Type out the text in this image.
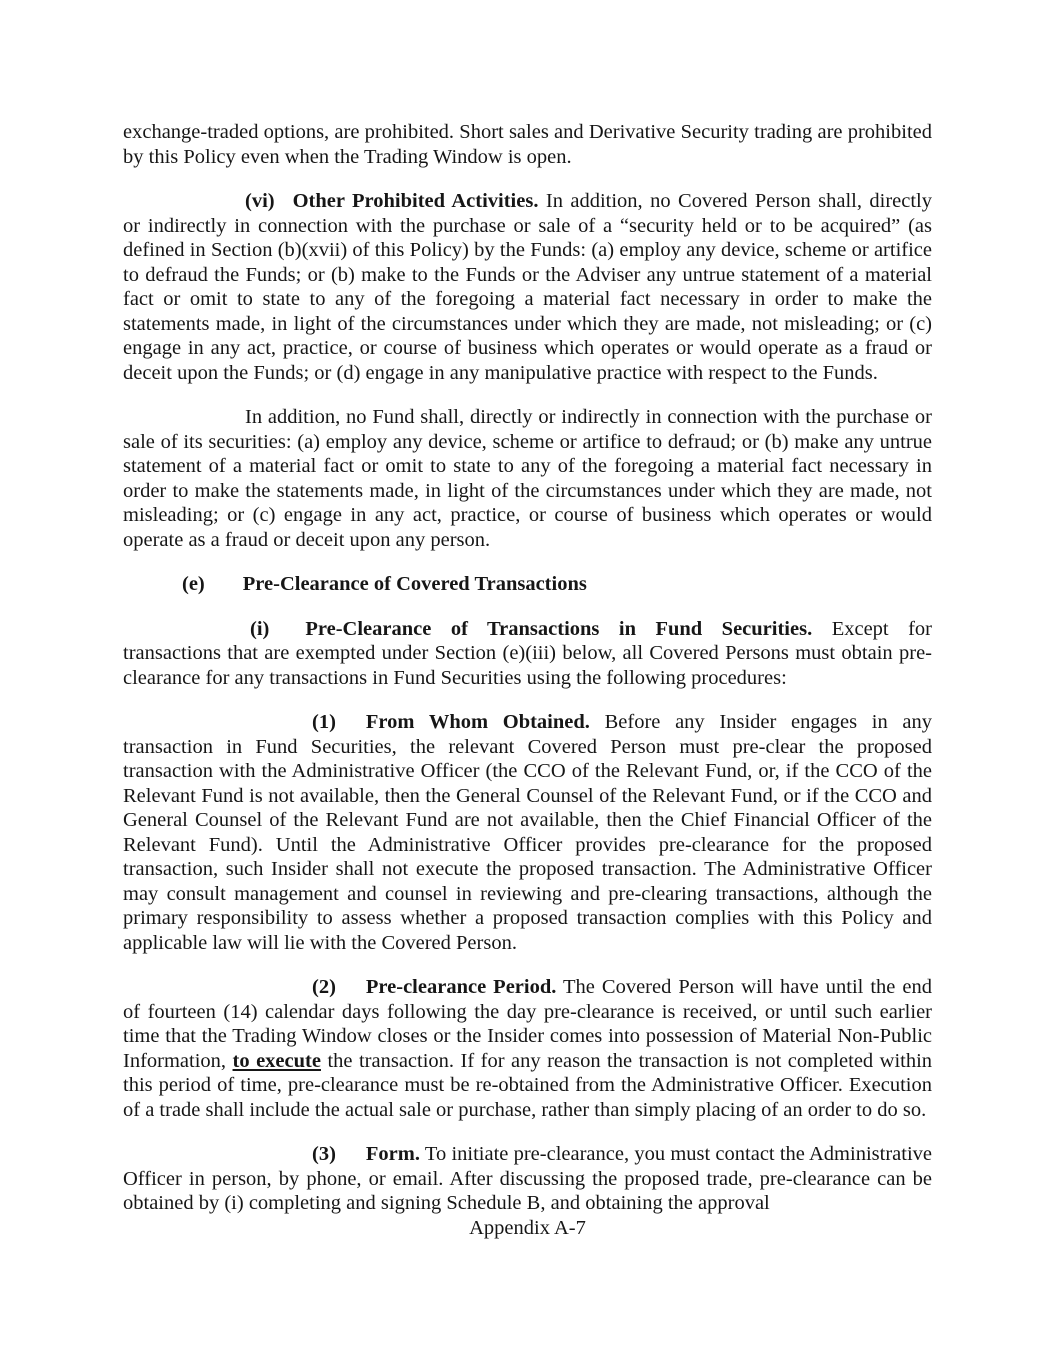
exchange-traded options, are prohibited. Short sales and Derivative Security trading are prohibited by this Policy even when the Trading Window is open.

(vi) Other Prohibited Activities. In addition, no Covered Person shall, directly or indirectly in connection with the purchase or sale of a “security held or to be acquired” (as defined in Section (b)(xvii) of this Policy) by the Funds: (a) employ any device, scheme or artifice to defraud the Funds; or (b) make to the Funds or the Adviser any untrue statement of a material fact or omit to state to any of the foregoing a material fact necessary in order to make the statements made, in light of the circumstances under which they are made, not misleading; or (c) engage in any act, practice, or course of business which operates or would operate as a fraud or deceit upon the Funds; or (d) engage in any manipulative practice with respect to the Funds.

In addition, no Fund shall, directly or indirectly in connection with the purchase or sale of its securities: (a) employ any device, scheme or artifice to defraud; or (b) make any untrue statement of a material fact or omit to state to any of the foregoing a material fact necessary in order to make the statements made, in light of the circumstances under which they are made, not misleading; or (c) engage in any act, practice, or course of business which operates or would operate as a fraud or deceit upon any person.

(e) Pre-Clearance of Covered Transactions

(i) Pre-Clearance of Transactions in Fund Securities. Except for transactions that are exempted under Section (e)(iii) below, all Covered Persons must obtain pre-clearance for any transactions in Fund Securities using the following procedures:

(1) From Whom Obtained. Before any Insider engages in any transaction in Fund Securities, the relevant Covered Person must pre-clear the proposed transaction with the Administrative Officer (the CCO of the Relevant Fund, or, if the CCO of the Relevant Fund is not available, then the General Counsel of the Relevant Fund, or if the CCO and General Counsel of the Relevant Fund are not available, then the Chief Financial Officer of the Relevant Fund). Until the Administrative Officer provides pre-clearance for the proposed transaction, such Insider shall not execute the proposed transaction. The Administrative Officer may consult management and counsel in reviewing and pre-clearing transactions, although the primary responsibility to assess whether a proposed transaction complies with this Policy and applicable law will lie with the Covered Person.

(2) Pre-clearance Period. The Covered Person will have until the end of fourteen (14) calendar days following the day pre-clearance is received, or until such earlier time that the Trading Window closes or the Insider comes into possession of Material Non-Public Information, to execute the transaction. If for any reason the transaction is not completed within this period of time, pre-clearance must be re-obtained from the Administrative Officer. Execution of a trade shall include the actual sale or purchase, rather than simply placing of an order to do so.

(3) Form. To initiate pre-clearance, you must contact the Administrative Officer in person, by phone, or email. After discussing the proposed trade, pre-clearance can be obtained by (i) completing and signing Schedule B, and obtaining the approval

Appendix A-7
